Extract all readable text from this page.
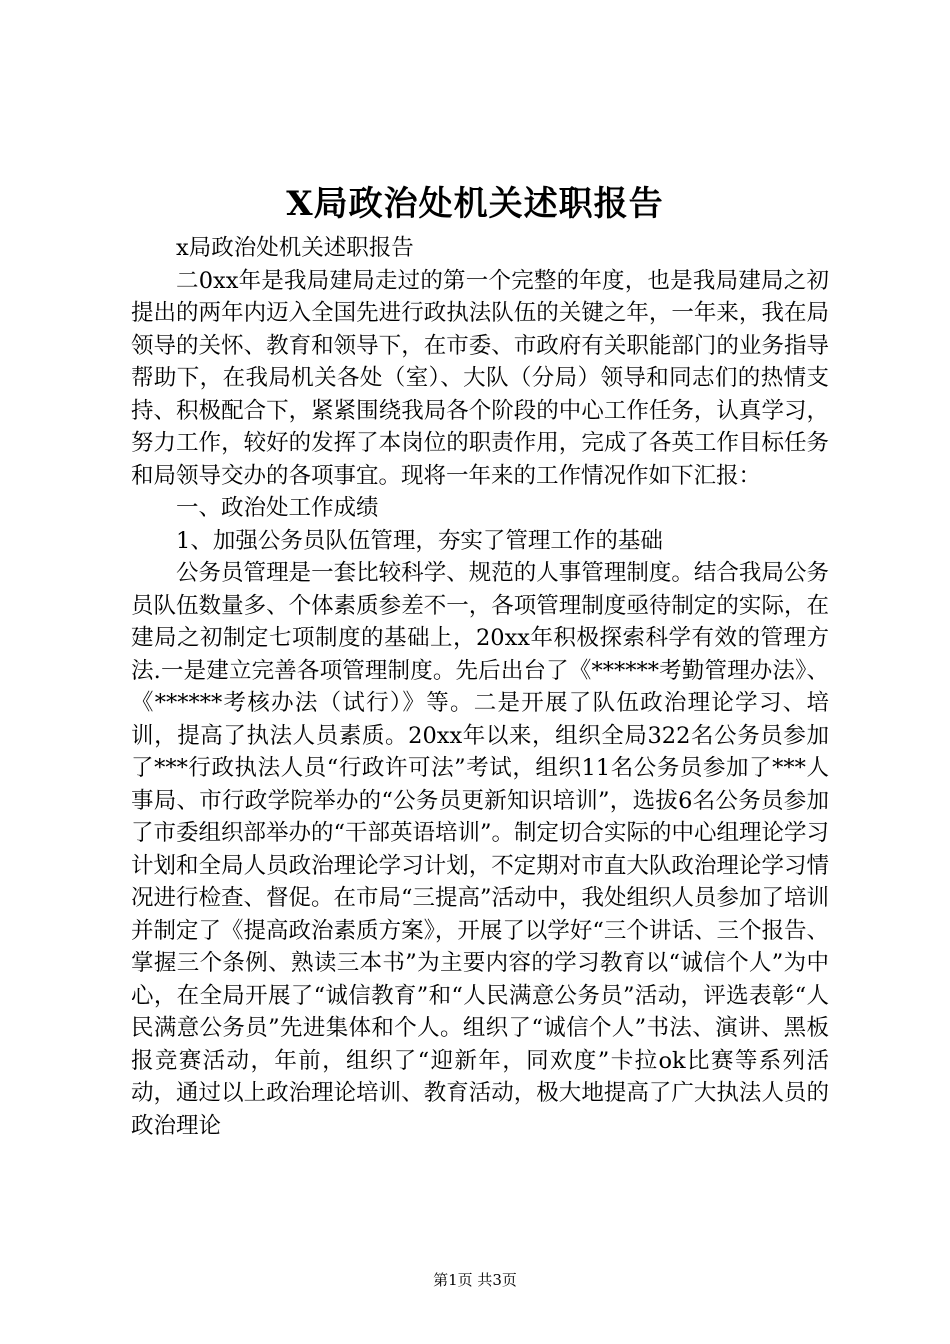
X局政治处机关述职报告

x局政治处机关述职报告

二0xx年是我局建局走过的第一个完整的年度，也是我局建局之初提出的两年内迈入全国先进行政执法队伍的关键之年，一年来，我在局领导的关怀、教育和领导下，在市委、市政府有关职能部门的业务指导帮助下，在我局机关各处（室）、大队（分局）领导和同志们的热情支持、积极配合下，紧紧围绕我局各个阶段的中心工作任务，认真学习，努力工作，较好的发挥了本岗位的职责作用，完成了各英工作目标任务和局领导交办的各项事宜。现将一年来的工作情况作如下汇报：

一、政治处工作成绩

1、加强公务员队伍管理，夯实了管理工作的基础

公务员管理是一套比较科学、规范的人事管理制度。结合我局公务员队伍数量多、个体素质参差不一，各项管理制度亟待制定的实际，在建局之初制定七项制度的基础上，20xx年积极探索科学有效的管理方法.一是建立完善各项管理制度。先后出台了《******考勤管理办法》、《******考核办法（试行）》等。二是开展了队伍政治理论学习、培训，提高了执法人员素质。20xx年以来，组织全局322名公务员参加了***行政执法人员“行政许可法”考试，组织11名公务员参加了***人事局、市行政学院举办的“公务员更新知识培训”，选拔6名公务员参加了市委组织部举办的“干部英语培训”。制定切合实际的中心组理论学习计划和全局人员政治理论学习计划，不定期对市直大队政治理论学习情况进行检查、督促。在市局“三提高”活动中，我处组织人员参加了培训并制定了《提高政治素质方案》，开展了以学好“三个讲话、三个报告、掌握三个条例、熟读三本书”为主要内容的学习教育以“诚信个人”为中心，在全局开展了“诚信教育”和“人民满意公务员”活动，评选表彰“人民满意公务员”先进集体和个人。组织了“诚信个人”书法、演讲、黑板报竞赛活动，年前，组织了“迎新年，同欢度”卡拉ok比赛等系列活动，通过以上政治理论培训、教育活动，极大地提高了广大执法人员的政治理论

第1页 共3页
